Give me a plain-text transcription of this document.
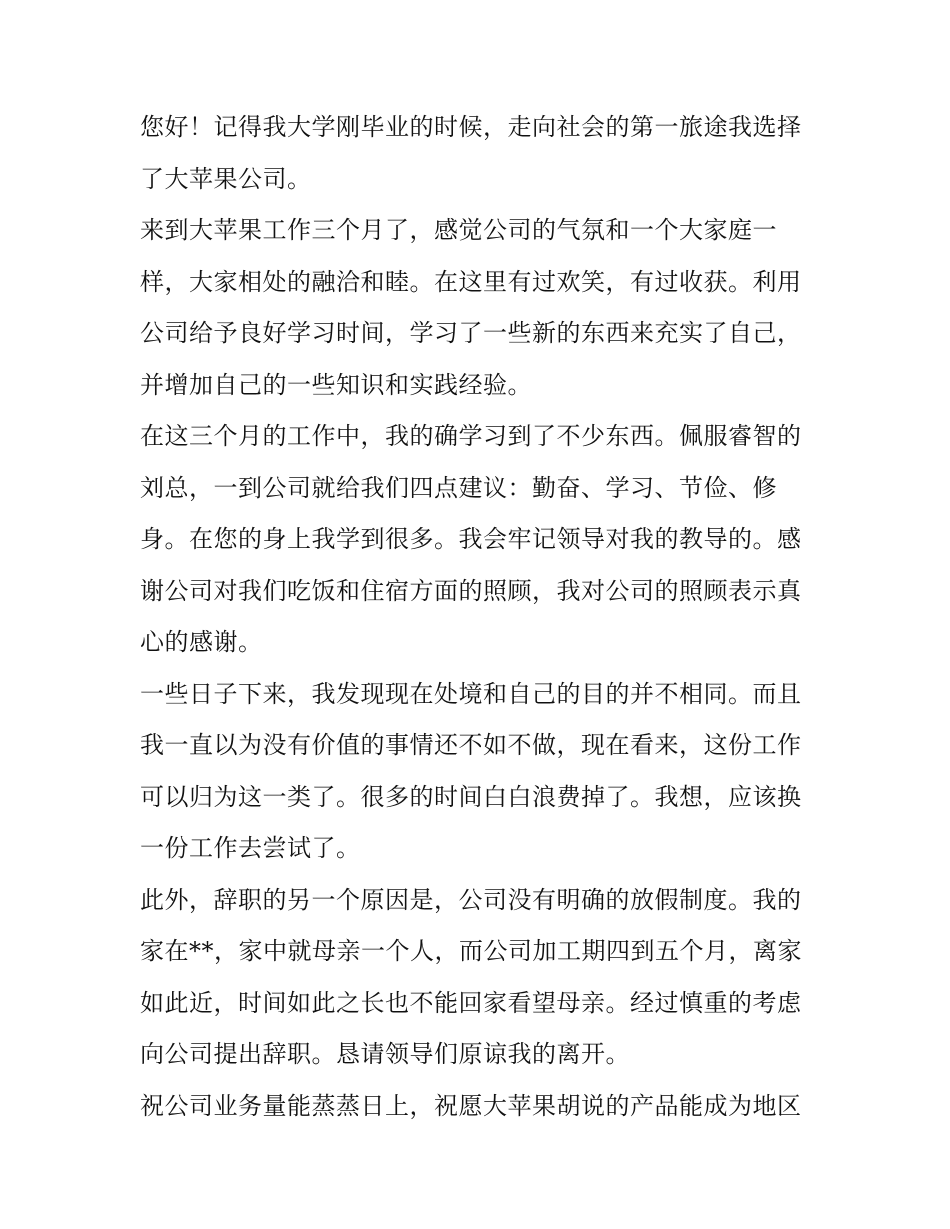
您好！记得我大学刚毕业的时候，走向社会的第一旅途我选择
了大苹果公司。
来到大苹果工作三个月了，感觉公司的气氛和一个大家庭一
样，大家相处的融洽和睦。在这里有过欢笑，有过收获。利用
公司给予良好学习时间，学习了一些新的东西来充实了自己，
并增加自己的一些知识和实践经验。
在这三个月的工作中，我的确学习到了不少东西。佩服睿智的
刘总，一到公司就给我们四点建议：勤奋、学习、节俭、修
身。在您的身上我学到很多。我会牢记领导对我的教导的。感
谢公司对我们吃饭和住宿方面的照顾，我对公司的照顾表示真
心的感谢。
一些日子下来，我发现现在处境和自己的目的并不相同。而且
我一直以为没有价值的事情还不如不做，现在看来，这份工作
可以归为这一类了。很多的时间白白浪费掉了。我想，应该换
一份工作去尝试了。
此外，辞职的另一个原因是，公司没有明确的放假制度。我的
家在**，家中就母亲一个人，而公司加工期四到五个月，离家
如此近，时间如此之长也不能回家看望母亲。经过慎重的考虑
向公司提出辞职。恳请领导们原谅我的离开。
祝公司业务量能蒸蒸日上，祝愿大苹果胡说的产品能成为地区
